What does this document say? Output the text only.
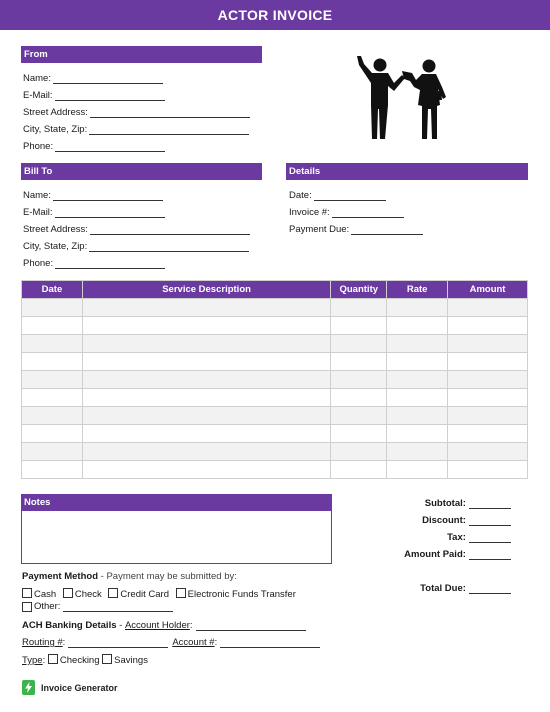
ACTOR INVOICE
From
Name:
E-Mail:
Street Address:
City, State, Zip:
Phone:
Bill To
Name:
E-Mail:
Street Address:
City, State, Zip:
Phone:
Details
Date:
Invoice #:
Payment Due:
Date	Service Description	Quantity	Rate	Amount

Notes	Subtotal:
Discount:
Tax:
Amount Paid:
Total Due:
Payment Method - Payment may be submitted by:
Cash Check Credit Card Electronic Funds Transfer
Other:
ACH Banking Details - Account Holder :
Routing # :	Account # :
Type: Checking Savings
Invoice Generator
